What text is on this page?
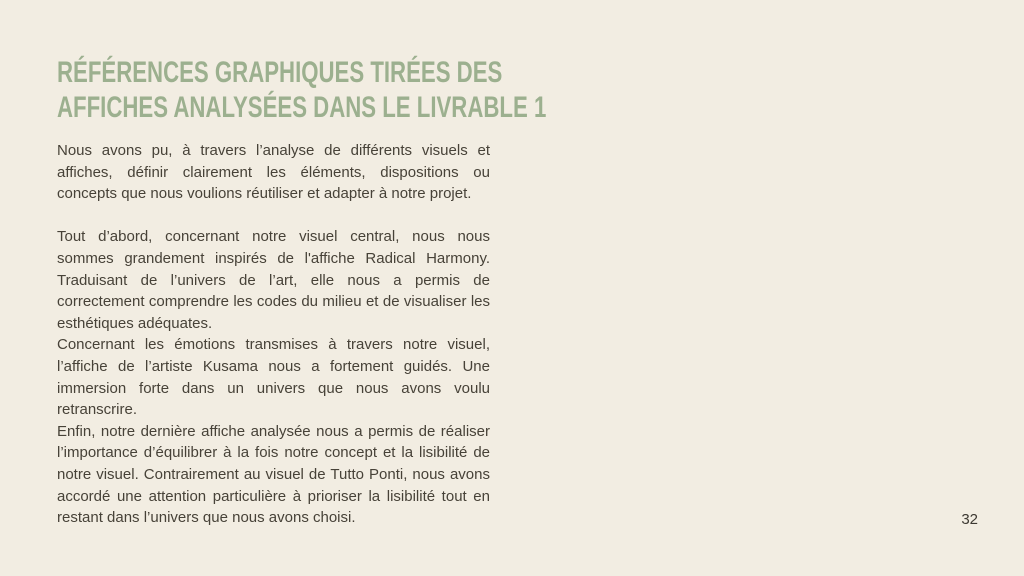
RÉFÉRENCES GRAPHIQUES TIRÉES DES
AFFICHES ANALYSÉES DANS LE LIVRABLE 1

Nous avons pu, à travers l’analyse de différents visuels et affiches, définir clairement les éléments, dispositions ou concepts que nous voulions réutiliser et adapter à notre projet.

Tout d’abord, concernant notre visuel central, nous nous sommes grandement inspirés de l'affiche Radical Harmony. Traduisant de l’univers de l’art, elle nous a permis de correctement comprendre les codes du milieu et de visualiser les esthétiques adéquates.

Concernant les émotions transmises à travers notre visuel, l’affiche de l’artiste Kusama nous a fortement guidés. Une immersion forte dans un univers que nous avons voulu retranscrire.

Enfin, notre dernière affiche analysée nous a permis de réaliser l’importance d’équilibrer à la fois notre concept et la lisibilité de notre visuel. Contrairement au visuel de Tutto Ponti, nous avons accordé une attention particulière à prioriser la lisibilité tout en restant dans l’univers que nous avons choisi.	32
